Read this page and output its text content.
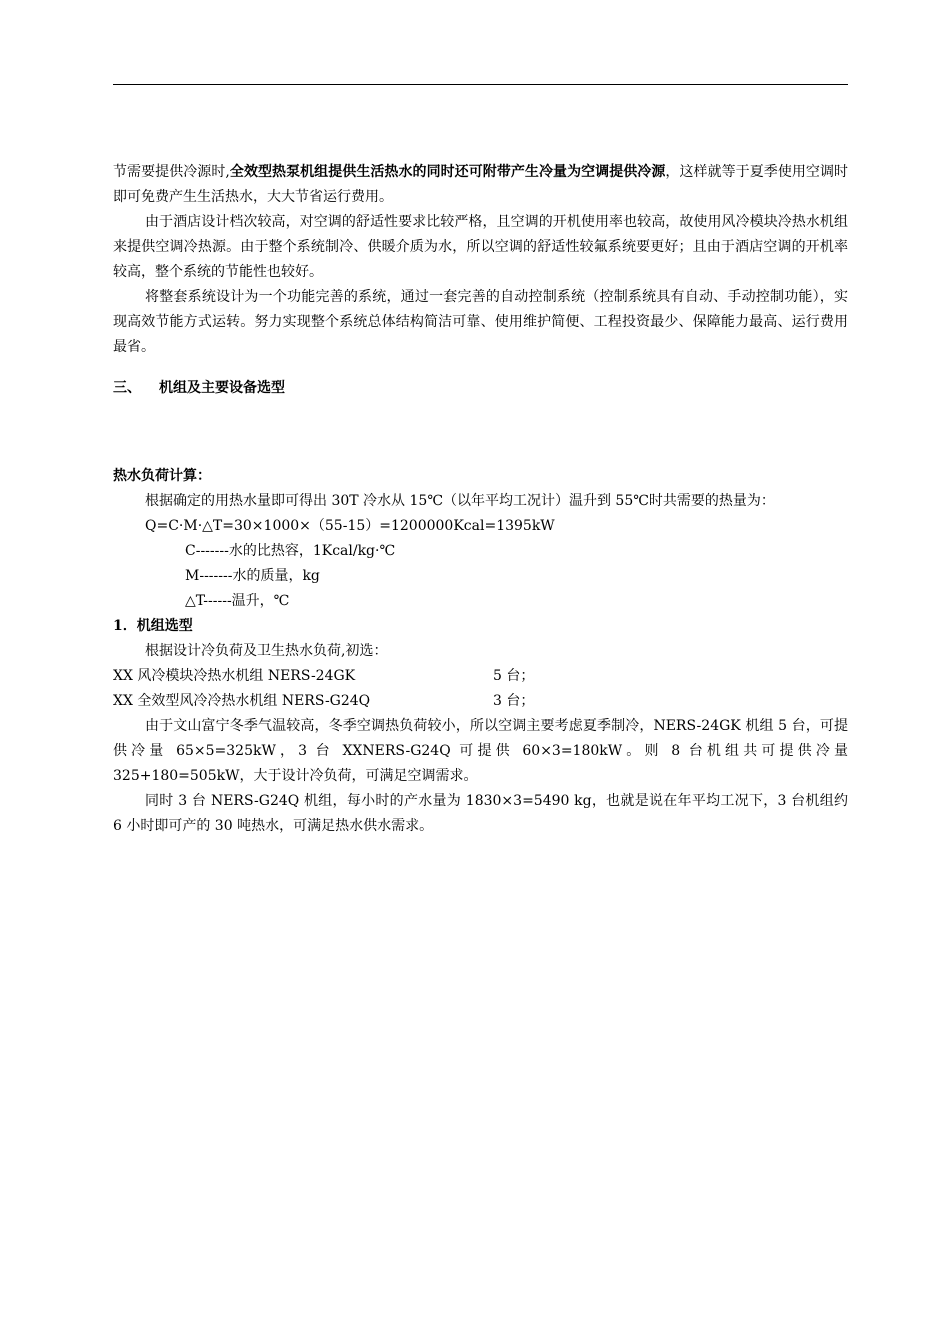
节需要提供冷源时,全效型热泵机组提供生活热水的同时还可附带产生冷量为空调提供冷源，这样就等于夏季使用空调时即可免费产生生活热水，大大节省运行费用。

由于酒店设计档次较高，对空调的舒适性要求比较严格，且空调的开机使用率也较高，故使用风冷模块冷热水机组来提供空调冷热源。由于整个系统制冷、供暖介质为水，所以空调的舒适性较氟系统要更好；且由于酒店空调的开机率较高，整个系统的节能性也较好。

将整套系统设计为一个功能完善的系统，通过一套完善的自动控制系统（控制系统具有自动、手动控制功能），实现高效节能方式运转。努力实现整个系统总体结构简洁可靠、使用维护简便、工程投资最少、保障能力最高、运行费用最省。

三、 机组及主要设备选型
热水负荷计算：

根据确定的用热水量即可得出 30T 冷水从 15℃（以年平均工况计）温升到 55℃时共需要的热量为：

Q=C·M·△T=30×1000×（55-15）=1200000Kcal=1395kW
C-------水的比热容，1Kcal/kg·℃
M-------水的质量，kg
△T------温升，℃
1．机组选型

根据设计冷负荷及卫生热水负荷,初选：

XX 风冷模块冷热水机组 NERS-24GK	5 台；
XX 全效型风冷冷热水机组 NERS-G24Q	3 台；

由于文山富宁冬季气温较高，冬季空调热负荷较小，所以空调主要考虑夏季制冷，NERS-24GK 机组 5 台，可提供冷量 65×5=325kW，3 台 XXNERS-G24Q 可提供 60×3=180kW。则 8 台机组共可提供冷量 325+180=505kW，大于设计冷负荷，可满足空调需求。

同时 3 台 NERS-G24Q 机组，每小时的产水量为 1830×3=5490 kg，也就是说在年平均工况下，3 台机组约 6 小时即可产的 30 吨热水，可满足热水供水需求。
